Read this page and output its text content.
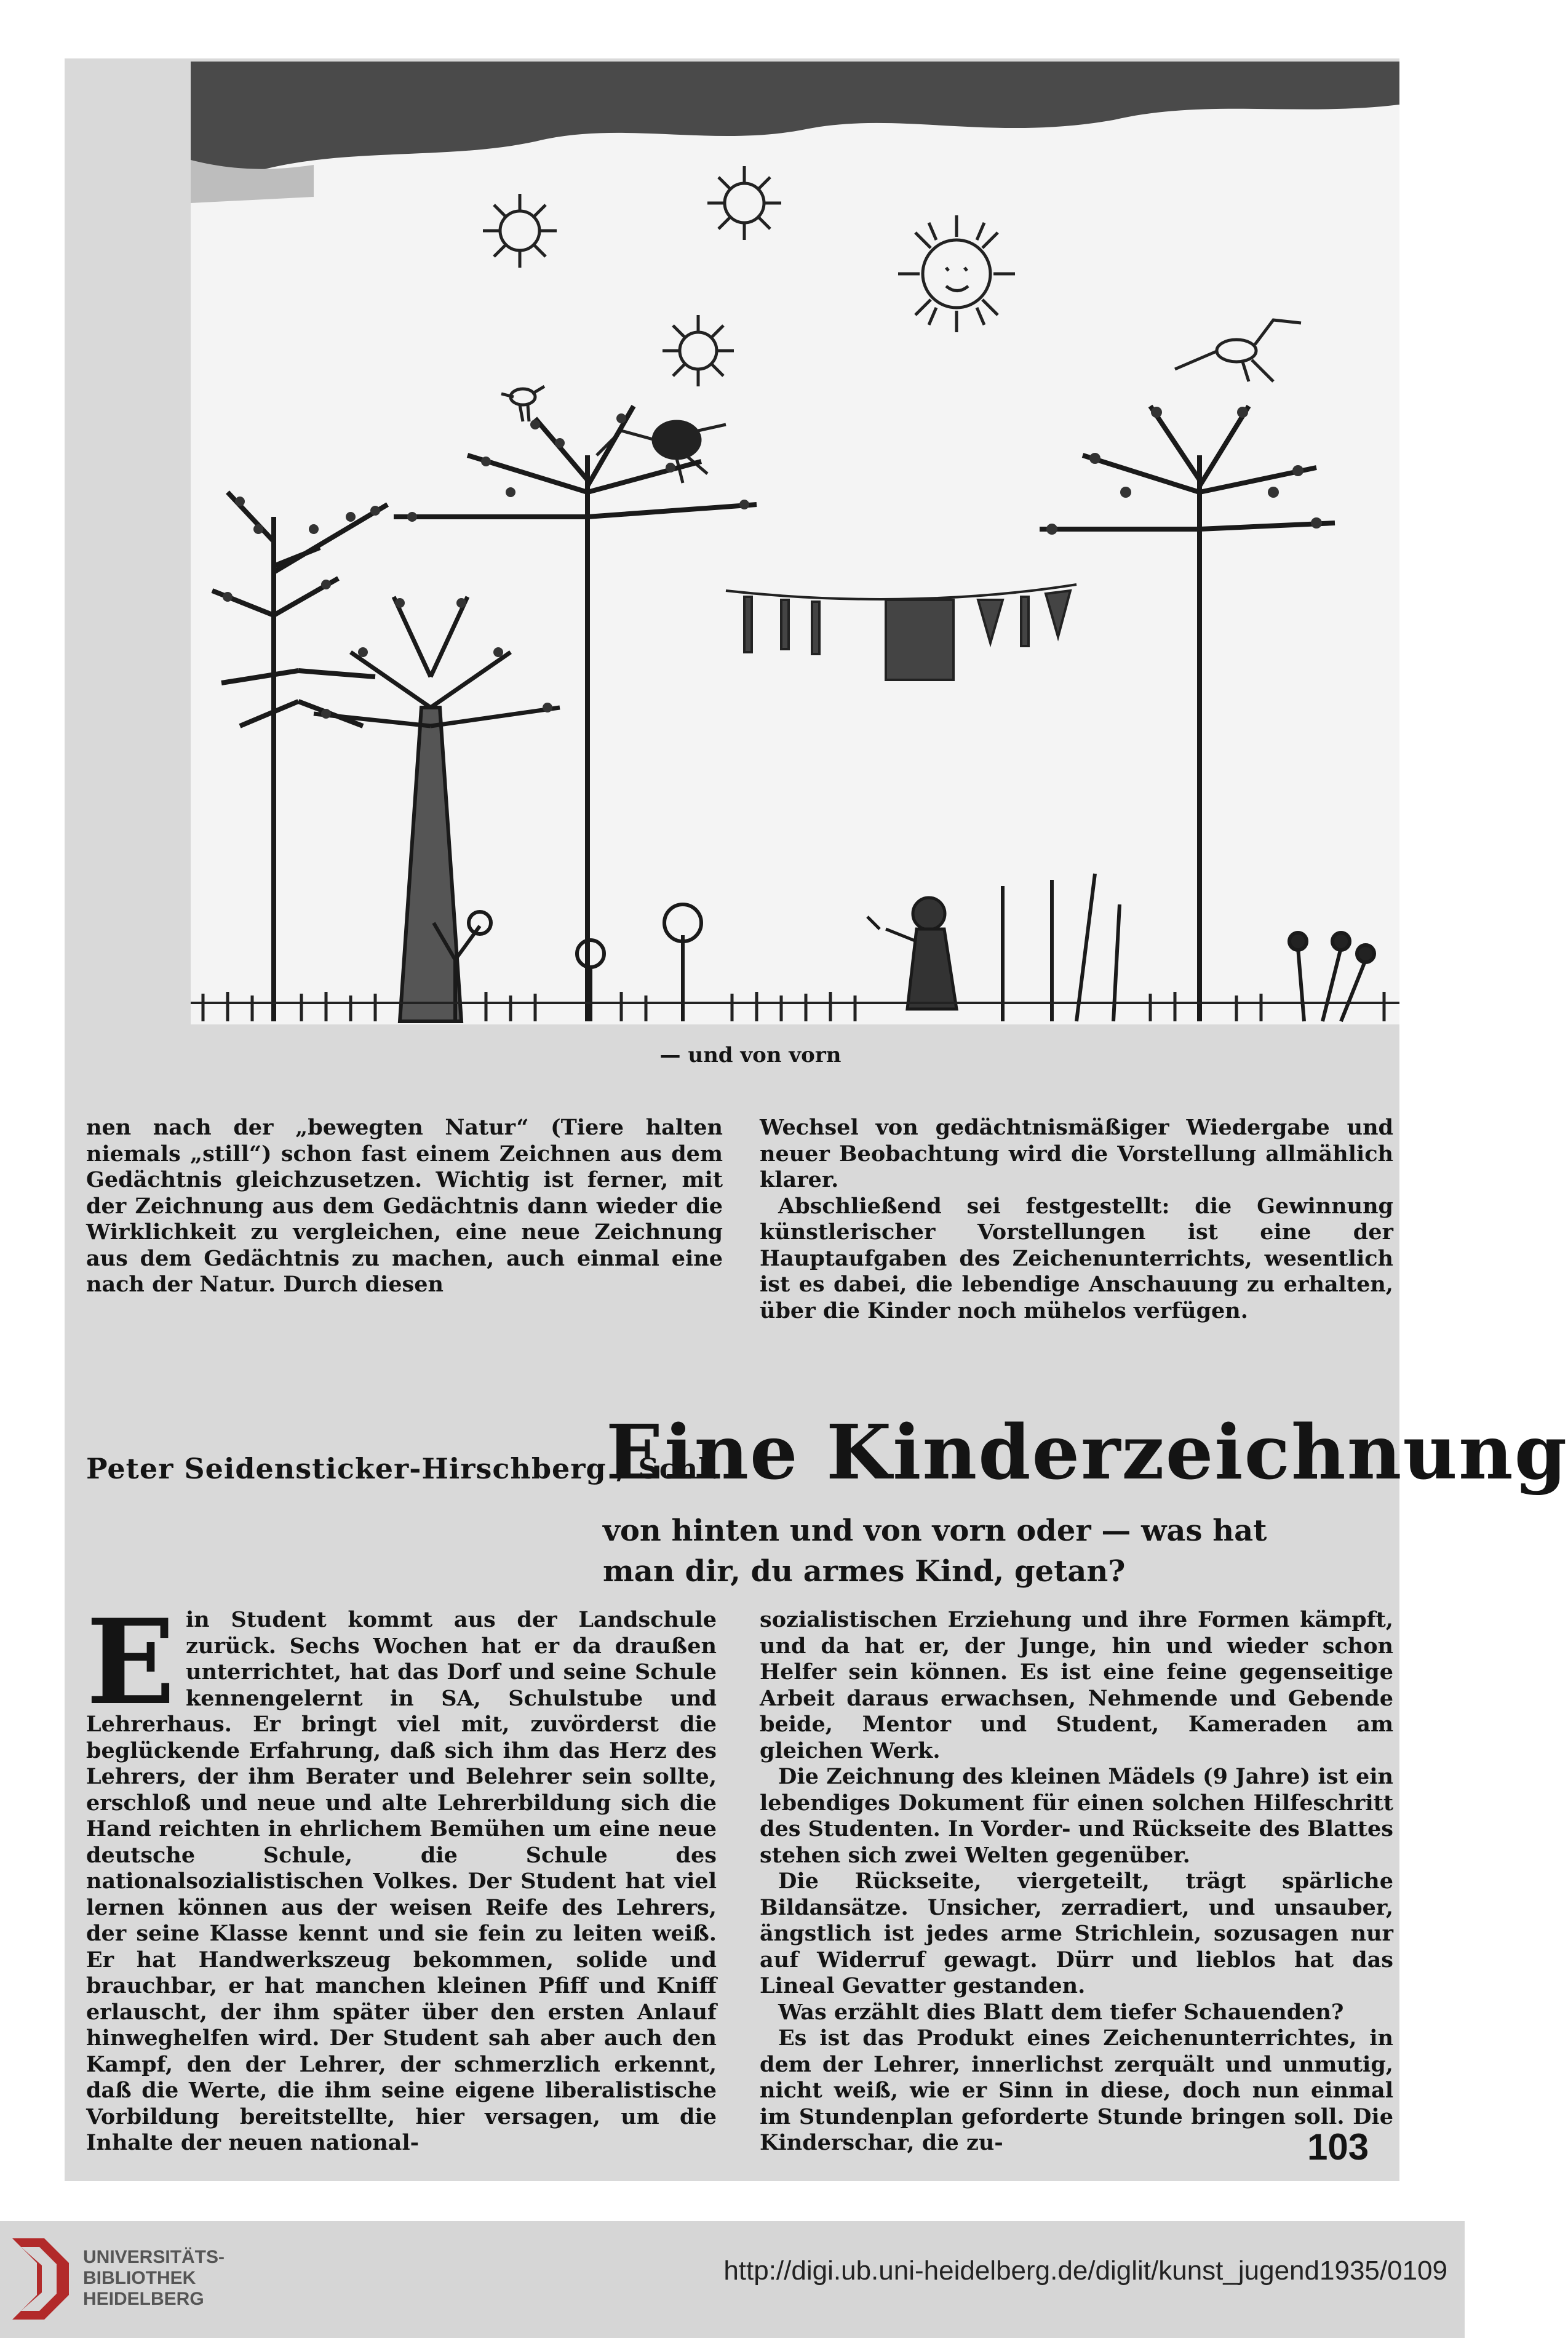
— und von vorn

nen nach der „bewegten Natur“ (Tiere halten niemals „still“) schon fast einem Zeichnen aus dem Gedächtnis gleichzusetzen. Wichtig ist ferner, mit der Zeichnung aus dem Gedächtnis dann wieder die Wirklichkeit zu vergleichen, eine neue Zeichnung aus dem Gedächtnis zu machen, auch einmal eine nach der Natur. Durch diesen

Wechsel von gedächtnismäßiger Wiedergabe und neuer Beobachtung wird die Vorstellung allmählich klarer.

Abschließend sei festgestellt: die Gewinnung künstlerischer Vorstellungen ist eine der Hauptaufgaben des Zeichenunterrichts, wesentlich ist es dabei, die lebendige Anschauung zu erhalten, über die Kinder noch mühelos verfügen.

Peter Seidensticker-Hirschberg / Schl.
Eine Kinderzeichnung
von hinten und von vorn oder — was hat man dir, du armes Kind, getan?
E in Student kommt aus der Landschule zurück. Sechs Wochen hat er da draußen unterrichtet, hat das Dorf und seine Schule kennengelernt in SA, Schulstube und Lehrerhaus. Er bringt viel mit, zuvörderst die beglückende Erfahrung, daß sich ihm das Herz des Lehrers, der ihm Berater und Belehrer sein sollte, erschloß und neue und alte Lehrerbildung sich die Hand reichten in ehrlichem Bemühen um eine neue deutsche Schule, die Schule des nationalsozialistischen Volkes. Der Student hat viel lernen können aus der weisen Reife des Lehrers, der seine Klasse kennt und sie fein zu leiten weiß. Er hat Handwerkszeug bekommen, solide und brauchbar, er hat manchen kleinen Pfiff und Kniff erlauscht, der ihm später über den ersten Anlauf hinweghelfen wird. Der Student sah aber auch den Kampf, den der Lehrer, der schmerzlich erkennt, daß die Werte, die ihm seine eigene liberalistische Vorbildung bereitstellte, hier versagen, um die Inhalte der neuen national-

sozialistischen Erziehung und ihre Formen kämpft, und da hat er, der Junge, hin und wieder schon Helfer sein können. Es ist eine feine gegenseitige Arbeit daraus erwachsen, Nehmende und Gebende beide, Mentor und Student, Kameraden am gleichen Werk.

Die Zeichnung des kleinen Mädels (9 Jahre) ist ein lebendiges Dokument für einen solchen Hilfeschritt des Studenten. In Vorder- und Rückseite des Blattes stehen sich zwei Welten gegenüber.

Die Rückseite, viergeteilt, trägt spärliche Bildansätze. Unsicher, zerradiert, und unsauber, ängstlich ist jedes arme Strichlein, sozusagen nur auf Widerruf gewagt. Dürr und lieblos hat das Lineal Gevatter gestanden.

Was erzählt dies Blatt dem tiefer Schauenden?

Es ist das Produkt eines Zeichenunterrichtes, in dem der Lehrer, innerlichst zerquält und unmutig, nicht weiß, wie er Sinn in diese, doch nun einmal im Stundenplan geforderte Stunde bringen soll. Die Kinderschar, die zu-	103
UNIVERSITÄTS-
BIBLIOTHEK
HEIDELBERG
http://digi.ub.uni-heidelberg.de/diglit/kunst_jugend1935/0109
